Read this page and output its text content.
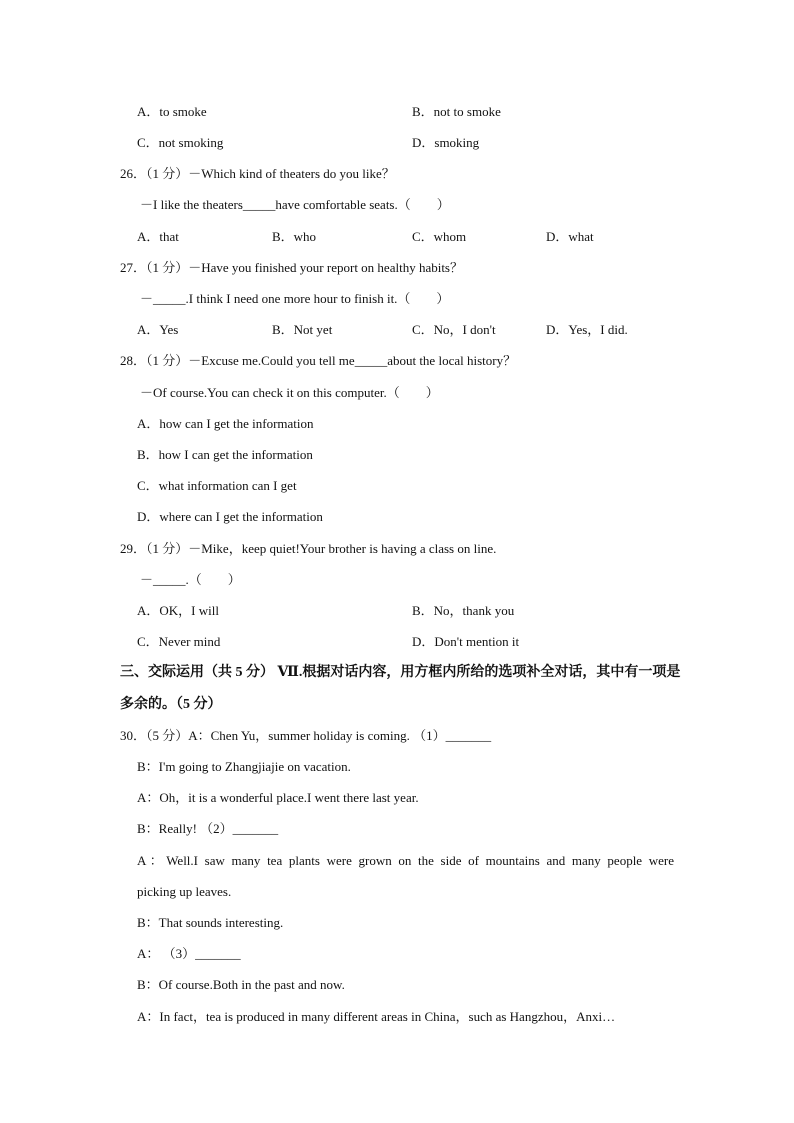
A．to smoke	B．not to smoke
C．not smoking	D．smoking
26．（1 分）－Which kind of theaters do you like？
－I like the theaters_____have comfortable seats.（　　）
A．that	B．who	C．whom	D．what
27．（1 分）－Have you finished your report on healthy habits？
－_____.I think I need one more hour to finish it.（　　）
A．Yes	B．Not yet	C．No，I don't	D．Yes，I did.
28．（1 分）－Excuse me.Could you tell me_____about the local history？
－Of course.You can check it on this computer.（　　）
A．how can I get the information
B．how I can get the information
C．what information can I get
D．where can I get the information
29．（1 分）－Mike，keep quiet!Your brother is having a class on line.
－_____.（　　）
A．OK，I will	B．No，thank you
C．Never mind	D．Don't mention it
三、交际运用（共 5 分） Ⅶ.根据对话内容，用方框内所给的选项补全对话，其中有一项是
多余的。（5 分）
30．（5 分）A：Chen Yu，summer holiday is coming. （1）_______
B：I'm going to Zhangjiajie on vacation.
A：Oh，it is a wonderful place.I went there last year.
B：Really! （2）_______
A：Well.I saw many tea plants were grown on the side of mountains and many people were
picking up leaves.
B：That sounds interesting.
A： （3）_______
B：Of course.Both in the past and now.
A：In fact，tea is produced in many different areas in China，such as Hangzhou，Anxi…
